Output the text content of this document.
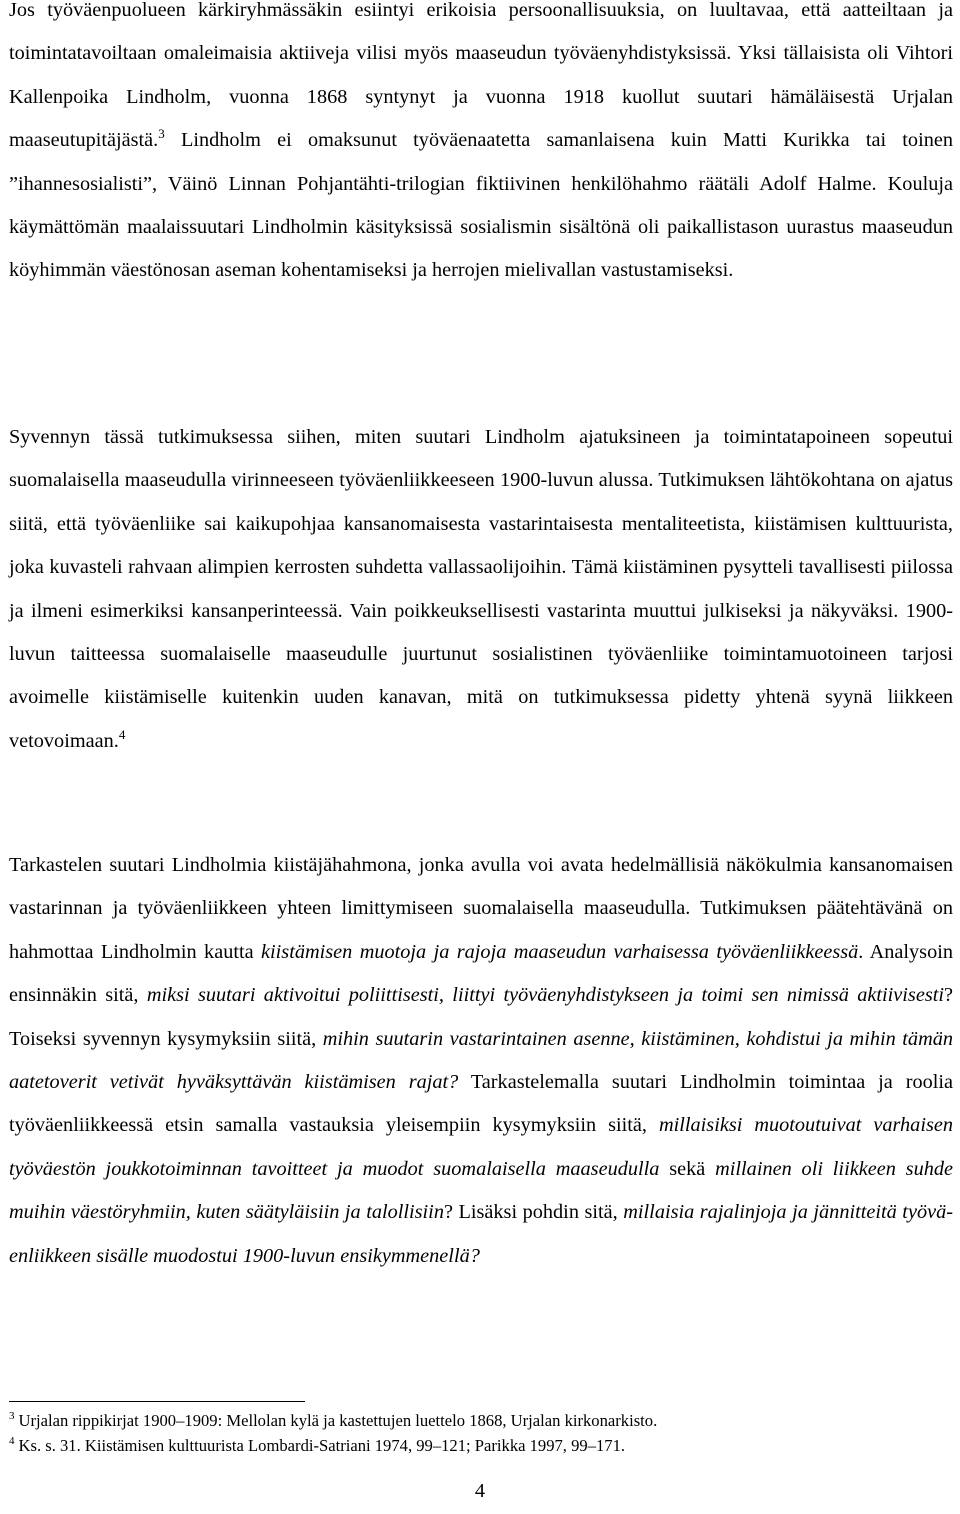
Jos työväenpuolueen kärkiryhmässäkin esiintyi erikoisia persoonallisuuksia, on luultavaa, että aatteiltaan ja toimintatavoiltaan omaleimaisia aktiiveja vilisi myös maaseudun työväenyhdistyksissä. Yksi tällaisista oli Vihtori Kallenpoika Lindholm, vuonna 1868 syntynyt ja vuonna 1918 kuollut suutari hämäläisestä Urjalan maaseutupitäjästä.$^3$ Lindholm ei omaksunut työväenaatetta samanlaisena kuin Matti Kurikka tai toinen ”ihannesosialisti”, Väinö Linnan Pohjantähti-trilogian fiktiivinen henkilöhahmo räätäli Adolf Halme. Kouluja käymättömän maalaissuutari Lindholmin käsityksissä sosialismin sisältönä oli paikallistason uurastus maaseudun köyhimmän väestönosan aseman kohentamiseksi ja herrojen mielivallan vastustamiseksi.

Syvennyn tässä tutkimuksessa siihen, miten suutari Lindholm ajatuksineen ja toimintatapoineen sopeutui suomalaisella maaseudulla virinneeseen työväenliikkeeseen 1900-luvun alussa. Tutkimuksen lähtökohtana on ajatus siitä, että työväenliike sai kaikupohjaa kansanomaisesta vastarintaisesta mentaliteetista, kiistämisen kulttuurista, joka kuvasteli rahvaan alimpien kerrosten suhdetta vallassaolijoihin. Tämä kiistäminen pysytteli tavallisesti piilossa ja ilmeni esimerkiksi kansanperinteessä. Vain poikkeuksellisesti vastarinta muuttui julkiseksi ja näkyväksi. 1900-luvun taitteessa suomalaiselle maaseudulle juurtunut sosialistinen työväenliike toimintamuotoineen tarjosi avoimelle kiistämiselle kuitenkin uuden kanavan, mitä on tutkimuksessa pidetty yhtenä syynä liikkeen vetovoimaan.$^4$

Tarkastelen suutari Lindholmia kiistäjähahmona, jonka avulla voi avata hedelmällisiä näkökulmia kansanomaisen vastarinnan ja työväenliikkeen yhteen limittymiseen suomalaisella maaseudulla. Tutkimuksen päätehtävänä on hahmottaa Lindholmin kautta kiistämisen muotoja ja rajoja maaseudun varhaisessa työväenliikkeessä. Analysoin ensinnäkin sitä, miksi suutari aktivoitui poliittisesti, liittyi työväenyhdistykseen ja toimi sen nimissä aktiivisesti? Toiseksi syvennyn kysymyksiin siitä, mihin suutarin vastarintainen asenne, kiistäminen, kohdistui ja mihin tämän aatetoverit vetivät hyväksyttävän kiistämisen rajat? Tarkastelemalla suutari Lindholmin toimintaa ja roolia työväenliikkeessä etsin samalla vastauksia yleisempiin kysymyksiin siitä, millaisiksi muotoutuivat varhaisen työväestön joukkotoiminnan tavoitteet ja muodot suomalaisella maaseudulla sekä millainen oli liikkeen suhde muihin väestöryhmiin, kuten säätyläisiin ja talollisiin? Lisäksi pohdin sitä, millaisia rajalinjoja ja jännitteitä työväenliikkeen sisälle muodostui 1900-luvun ensikymmenellä?

$^3$ Urjalan rippikirjat 1900–1909: Mellolan kylä ja kastettujen luettelo 1868, Urjalan kirkonarkisto.

$^4$ Ks. s. 31. Kiistämisen kulttuurista Lombardi-Satriani 1974, 99–121; Parikka 1997, 99–171.

4
